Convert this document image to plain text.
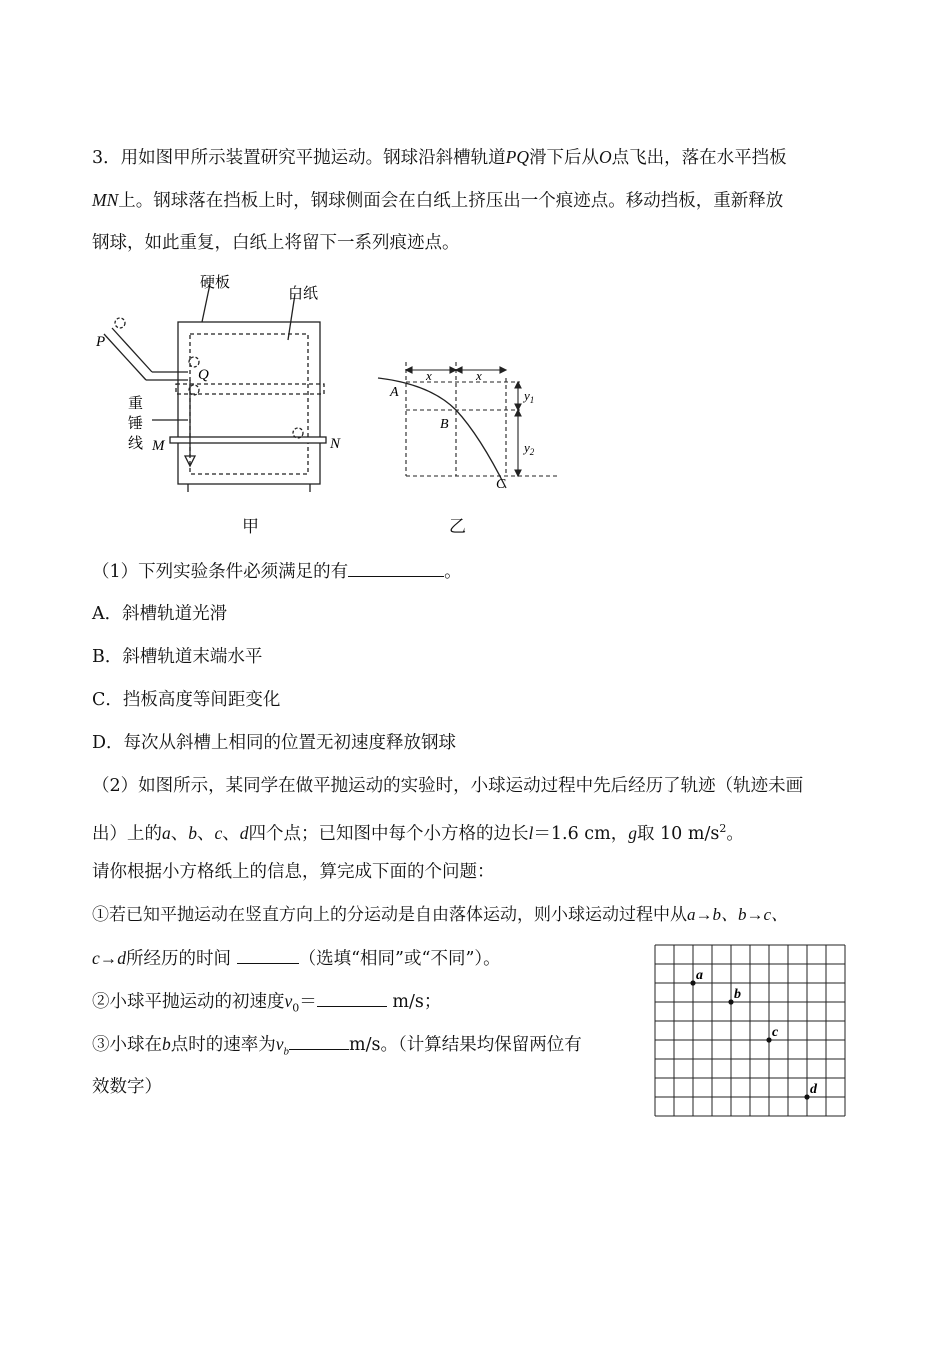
3．用如图甲所示装置研究平抛运动。钢球沿斜槽轨道PQ滑下后从O点飞出，落在水平挡板
MN上。钢球落在挡板上时，钢球侧面会在白纸上挤压出一个痕迹点。移动挡板，重新释放
钢球，如此重复，白纸上将留下一系列痕迹点。
硬板
白纸
P
Q
M	N
重
锤
线
甲
A
B
C
x	x
$y_1$
$y_2$
乙
（1）下列实验条件必须满足的有	。
A．斜槽轨道光滑
B．斜槽轨道末端水平
C．挡板高度等间距变化
D．每次从斜槽上相同的位置无初速度释放钢球
（2）如图所示，某同学在做平抛运动的实验时，小球运动过程中先后经历了轨迹（轨迹未画
出）上的a、b、c、d四个点；已知图中每个小方格的边长l＝1.6 cm，g取 10 $m/s^2$。
请你根据小方格纸上的信息，算完成下面的个问题：
①若已知平抛运动在竖直方向上的分运动是自由落体运动，则小球运动过程中从a→b、b→c、
c→d所经历的时间	（选填“相同”或“不同”）。
②小球平抛运动的初速度$v_0=$	m/s；
③小球在b点时的速率为$v_b$	m/s。（计算结果均保留两位有
效数字）
a
b
c
d
